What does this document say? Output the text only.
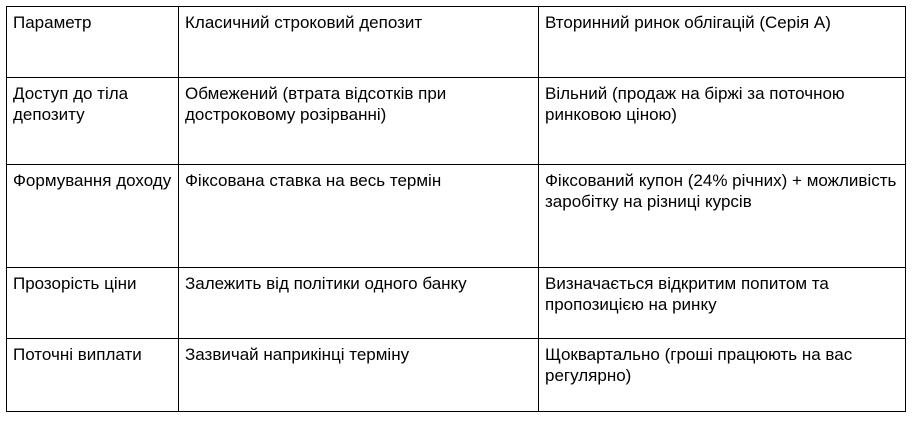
Параметр	Класичний строковий депозит	Вторинний ринок облігацій (Серія А)
Доступ до тіла депозиту	Обмежений (втрата відсотків при достроковому розірванні)	Вільний (продаж на біржі за поточною ринковою ціною)
Формування доходу	Фіксована ставка на весь термін	Фіксований купон (24% річних) + можливість заробітку на різниці курсів
Прозорість ціни	Залежить від політики одного банку	Визначається відкритим попитом та пропозицією на ринку
Поточні виплати	Зазвичай наприкінці терміну	Щоквартально (гроші працюють на вас регулярно)
